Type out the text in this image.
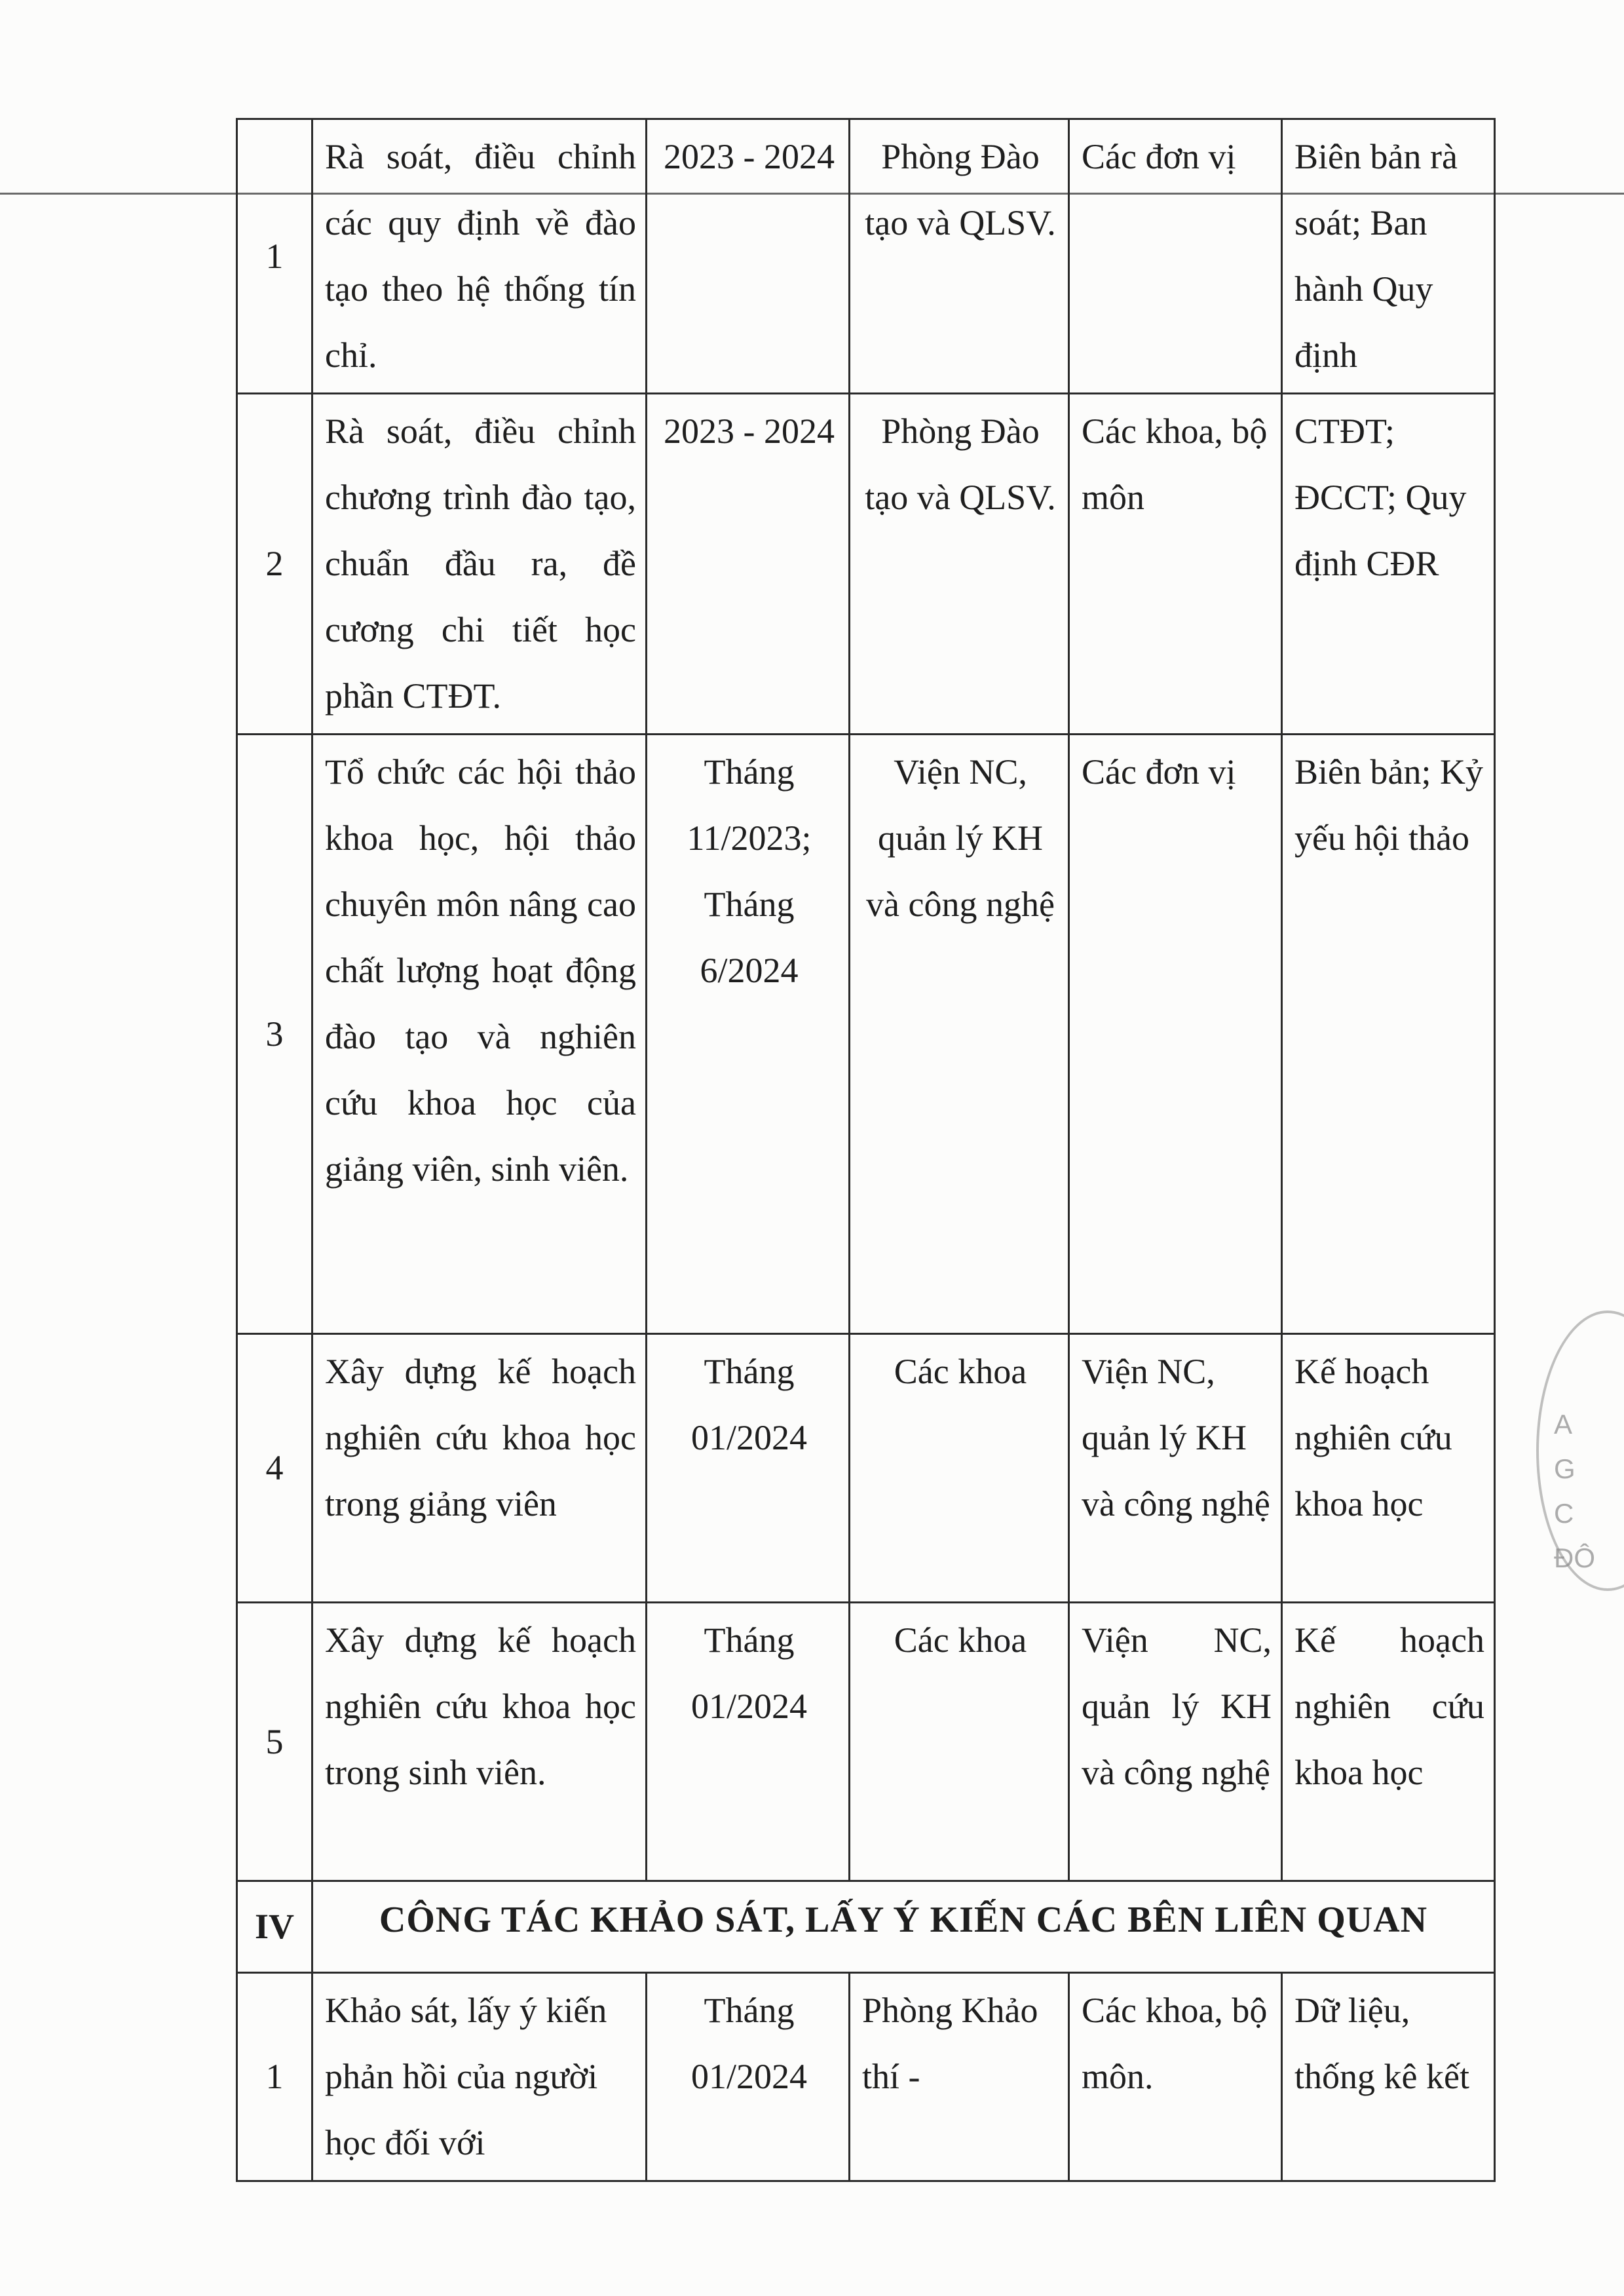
1	Rà soát, điều chỉnh các quy định về đào tạo theo hệ thống tín chỉ.	2023 - 2024	Phòng Đào tạo và QLSV.	Các đơn vị	Biên bản rà soát; Ban hành Quy định
2	Rà soát, điều chỉnh chương trình đào tạo, chuẩn đầu ra, đề cương chi tiết học phần CTĐT.	2023 - 2024	Phòng Đào tạo và QLSV.	Các khoa, bộ môn	CTĐT; ĐCCT; Quy định CĐR
3	Tổ chức các hội thảo khoa học, hội thảo chuyên môn nâng cao chất lượng hoạt động đào tạo và nghiên cứu khoa học của giảng viên, sinh viên.	Tháng 11/2023; Tháng 6/2024	Viện NC, quản lý KH và công nghệ	Các đơn vị	Biên bản; Kỷ yếu hội thảo
4	Xây dựng kế hoạch nghiên cứu khoa học trong giảng viên	Tháng 01/2024	Các khoa	Viện NC, quản lý KH và công nghệ	Kế hoạch nghiên cứu khoa học
5	Xây dựng kế hoạch nghiên cứu khoa học trong sinh viên.	Tháng 01/2024	Các khoa	Viện NC, quản lý KH và công nghệ	Kế hoạch nghiên cứu khoa học
IV	CÔNG TÁC KHẢO SÁT, LẤY Ý KIẾN CÁC BÊN LIÊN QUAN				
1	Khảo sát, lấy ý kiến phản hồi của người học đối với	Tháng 01/2024	Phòng Khảo thí -	Các khoa, bộ môn.	Dữ liệu, thống kê kết
A
G
C
ĐÔ
